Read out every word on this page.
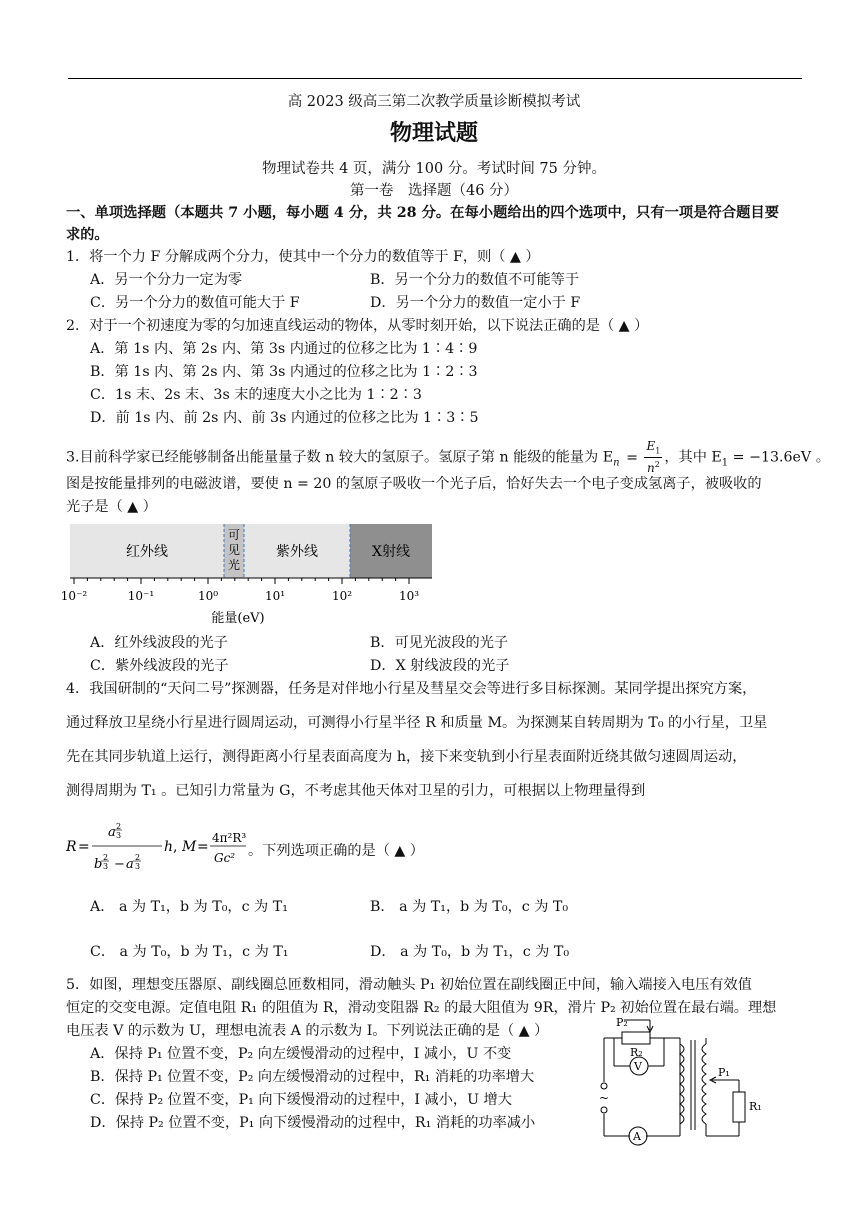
高 2023 级高三第二次教学质量诊断模拟考试
物理试题
物理试卷共 4 页，满分 100 分。考试时间 75 分钟。
第一卷　选择题（46 分）
一、单项选择题（本题共 7 小题，每小题 4 分，共 28 分。在每小题给出的四个选项中，只有一项是符合题目要
求的。
1．将一个力 F 分解成两个分力，使其中一个分力的数值等于 F，则（ ▲ ）
A．另一个分力一定为零	B．另一个分力的数值不可能等于
C．另一个分力的数值可能大于 F	D．另一个分力的数值一定小于 F
2．对于一个初速度为零的匀加速直线运动的物体，从零时刻开始，以下说法正确的是（ ▲ ）
A．第 1s 内、第 2s 内、第 3s 内通过的位移之比为 1∶4∶9
B．第 1s 内、第 2s 内、第 3s 内通过的位移之比为 1∶2∶3
C．1s 末、2s 末、3s 末的速度大小之比为 1∶2∶3
D．前 1s 内、前 2s 内、前 3s 内通过的位移之比为 1∶3∶5
3.目前科学家已经能够制备出能量量子数 n 较大的氢原子。氢原子第 n 能级的能量为 $E_n = \frac{E_1}{n^2}$ ，其中 $E_1 = -13.6eV$ 。
图是按能量排列的电磁波谱，要使 n = 20 的氢原子吸收一个光子后，恰好失去一个电子变成氢离子，被吸收的
光子是（ ▲ ）
红外线
可
见
光
紫外线	X射线
10⁻²	10⁻¹	10⁰	10¹	10²	10³
能量(eV)
A．红外线波段的光子	B．可见光波段的光子
C．紫外线波段的光子	D．X 射线波段的光子
4．我国研制的“天问二号”探测器，任务是对伴地小行星及彗星交会等进行多目标探测。某同学提出探究方案，
通过释放卫星绕小行星进行圆周运动，可测得小行星半径 R 和质量 M。为探测某自转周期为 T₀ 的小行星，卫星
先在其同步轨道上运行，测得距离小行星表面高度为 h，接下来变轨到小行星表面附近绕其做匀速圆周运动，
测得周期为 T₁ 。已知引力常量为 G，不考虑其他天体对卫星的引力，可根据以上物理量得到
R =
a 2
3
b 2
3 − a 2
3
h , M =
4π²R³
Gc² 。下列选项正确的是（ ▲ ）
A． a 为 T₁，b 为 T₀，c 为 T₁	B． a 为 T₁，b 为 T₀，c 为 T₀
C． a 为 T₀，b 为 T₁，c 为 T₁	D． a 为 T₀，b 为 T₁，c 为 T₀
5．如图，理想变压器原、副线圈总匝数相同，滑动触头 P₁ 初始位置在副线圈正中间，输入端接入电压有效值
恒定的交变电源。定值电阻 R₁ 的阻值为 R，滑动变阻器 R₂ 的最大阻值为 9R，滑片 P₂ 初始位置在最右端。理想
电压表 V 的示数为 U，理想电流表 A 的示数为 I。下列说法正确的是（ ▲ ）
A．保持 P₁ 位置不变，P₂ 向左缓慢滑动的过程中，I 减小，U 不变
B．保持 P₁ 位置不变，P₂ 向左缓慢滑动的过程中，R₁ 消耗的功率增大
C．保持 P₂ 位置不变，P₁ 向下缓慢滑动的过程中，I 减小，U 增大
D．保持 P₂ 位置不变，P₁ 向下缓慢滑动的过程中，R₁ 消耗的功率减小
P₂
R₂
V	P₁
R₁
A
~
